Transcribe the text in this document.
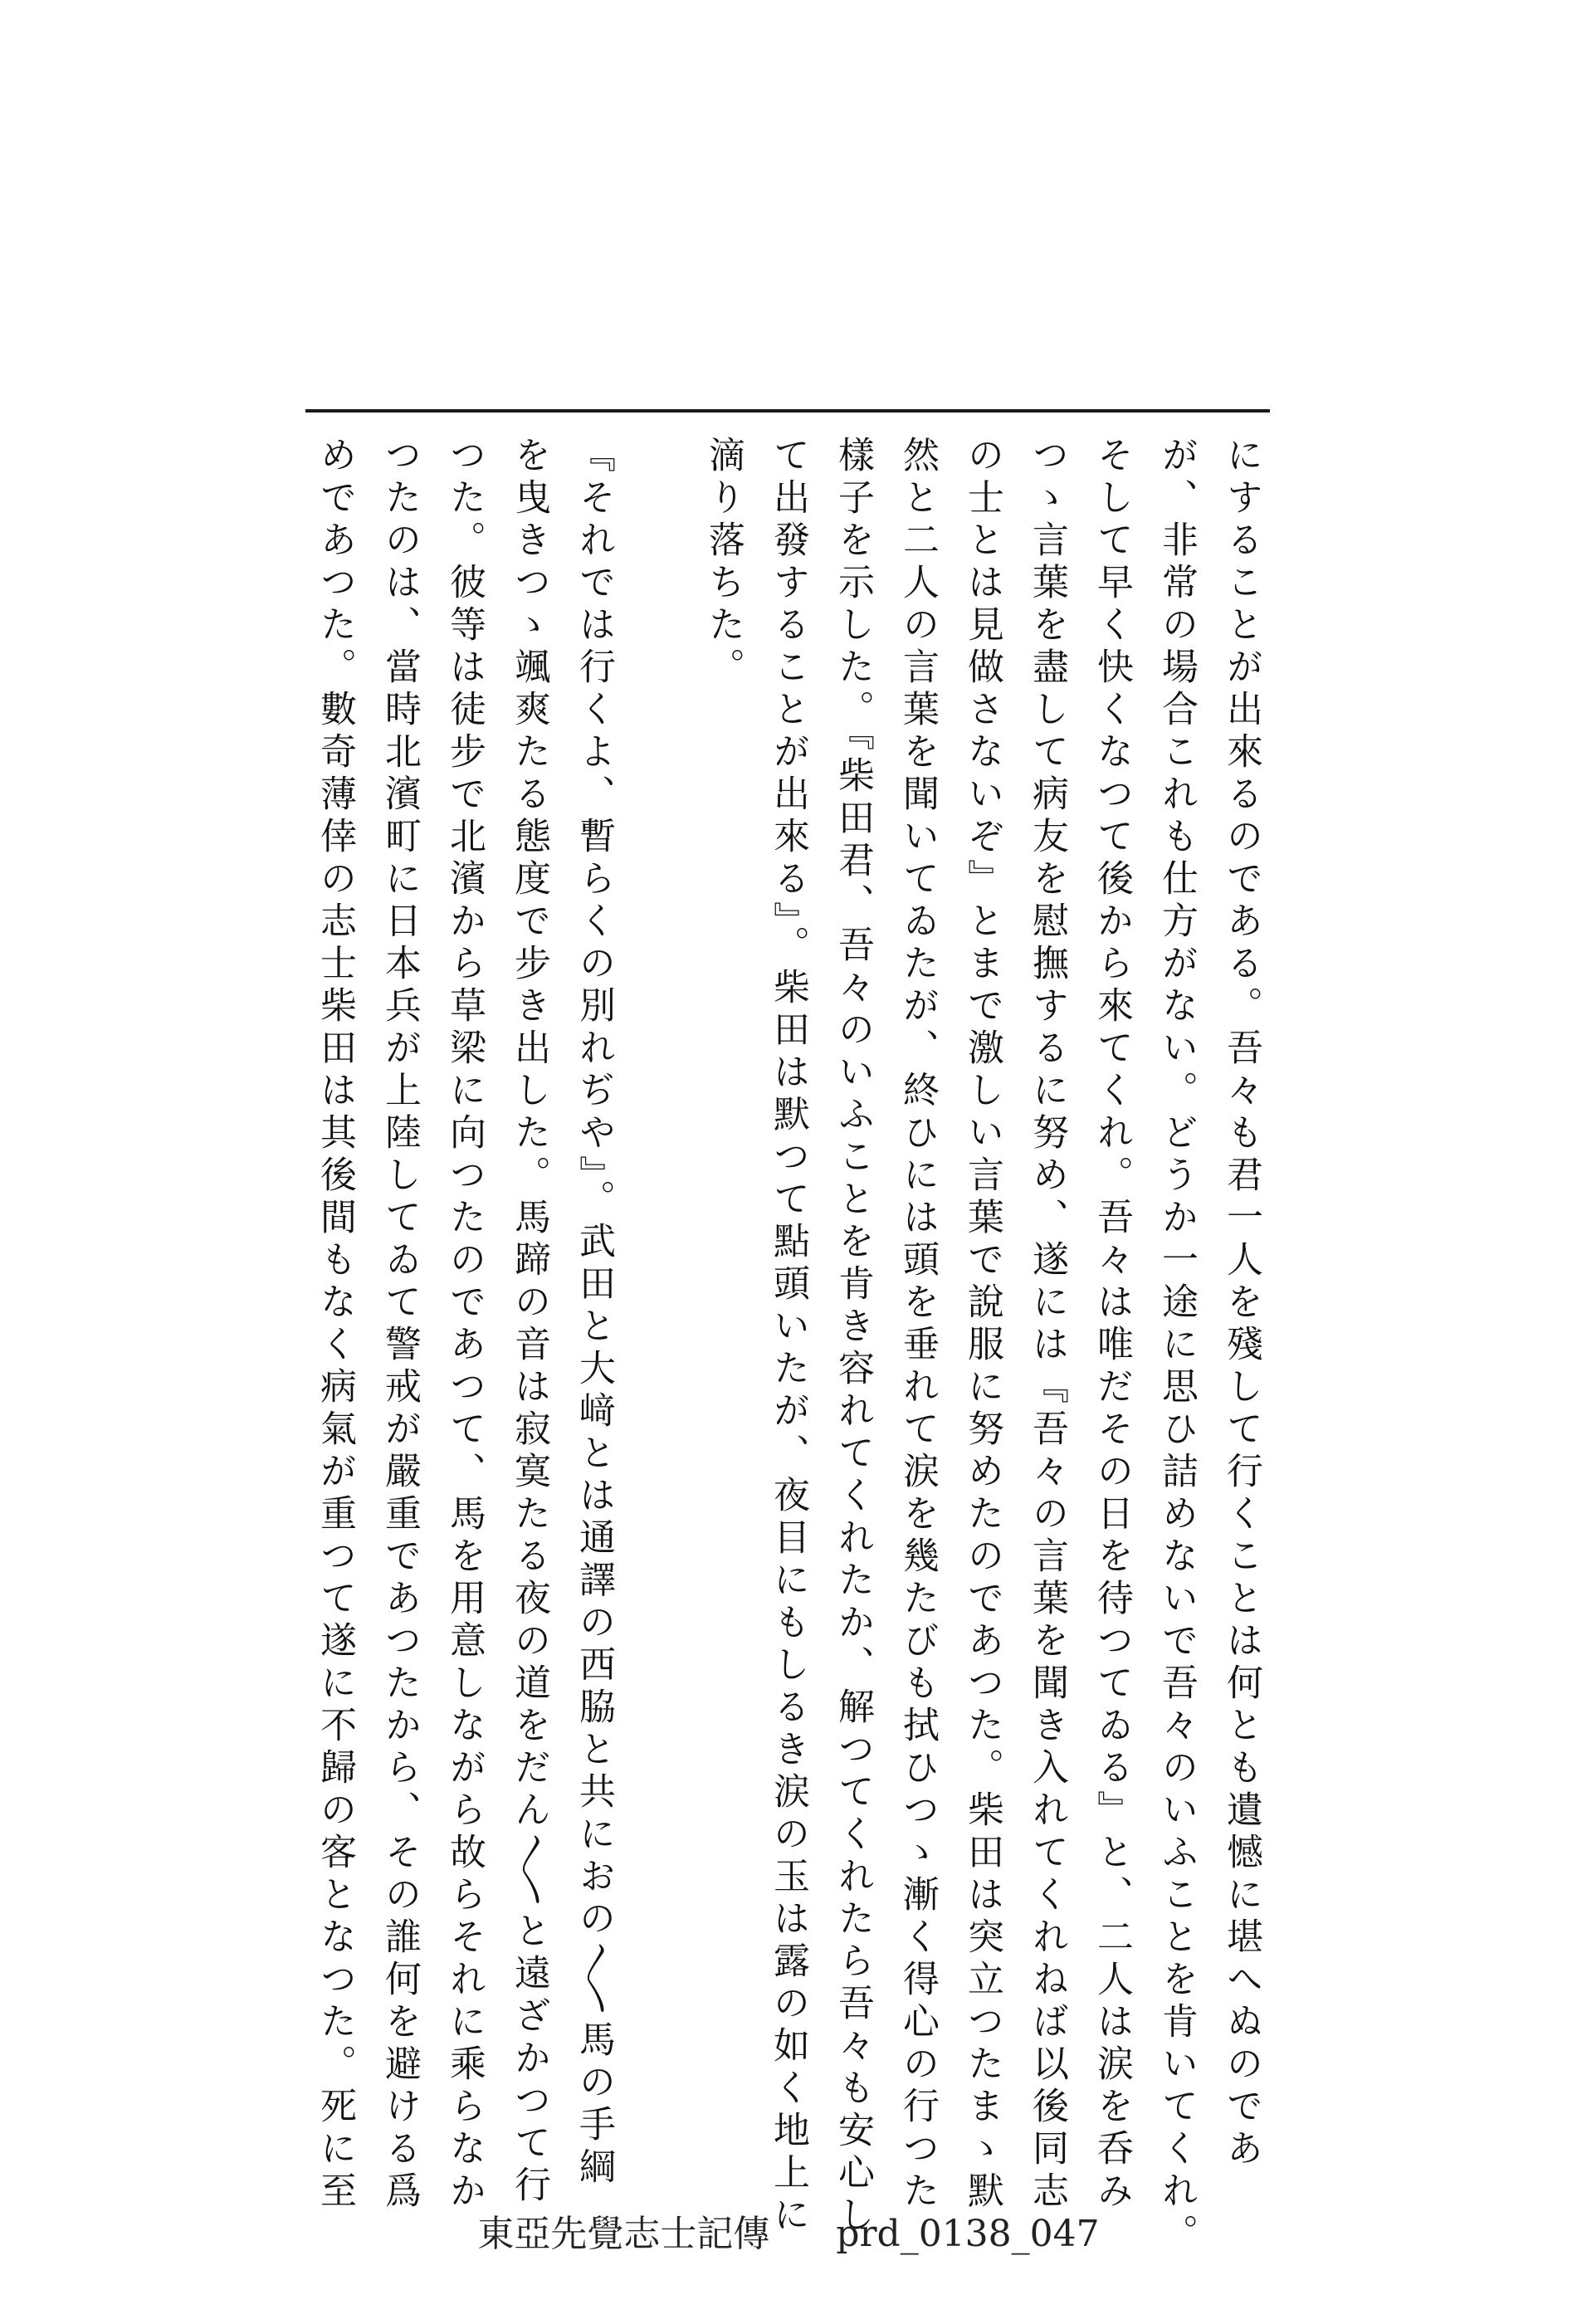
にすることが出來るのである。吾々も君一人を殘して行くことは何とも遺憾に堪へぬのであ
が、非常の場合これも仕方がない。どうか一途に思ひ詰めないで吾々のいふことを肯いてくれ。
そして早く快くなつて後から來てくれ。吾々は唯だその日を待つてゐる』と、二人は涙を呑み
つゝ言葉を盡して病友を慰撫するに努め、遂には『吾々の言葉を聞き入れてくれねば以後同志
の士とは見做さないぞ』とまで激しい言葉で說服に努めたのであつた。柴田は突立つたまゝ默
然と二人の言葉を聞いてゐたが、終ひには頭を垂れて涙を幾たびも拭ひつゝ漸く得心の行つた
樣子を示した。『柴田君、吾々のいふことを肯き容れてくれたか、解つてくれたら吾々も安心し
て出發することが出來る』。柴田は默つて點頭いたが、夜目にもしるき涙の玉は露の如く地上に
滴り落ちた。
『それでは行くよ、暫らくの別れぢや』。武田と大﨑とは通譯の西脇と共におの〳〵馬の手綱
を曳きつゝ颯爽たる態度で步き出した。馬蹄の音は寂寞たる夜の道をだん〳〵と遠ざかつて行
つた。彼等は徒步で北濱から草梁に向つたのであつて、馬を用意しながら故らそれに乘らなか
つたのは、當時北濱町に日本兵が上陸してゐて警戒が嚴重であつたから、その誰何を避ける爲
めであつた。數奇薄倖の志士柴田は其後間もなく病氣が重つて遂に不歸の客となつた。死に至
東亞先覺志士記傳 prd_0138_047
